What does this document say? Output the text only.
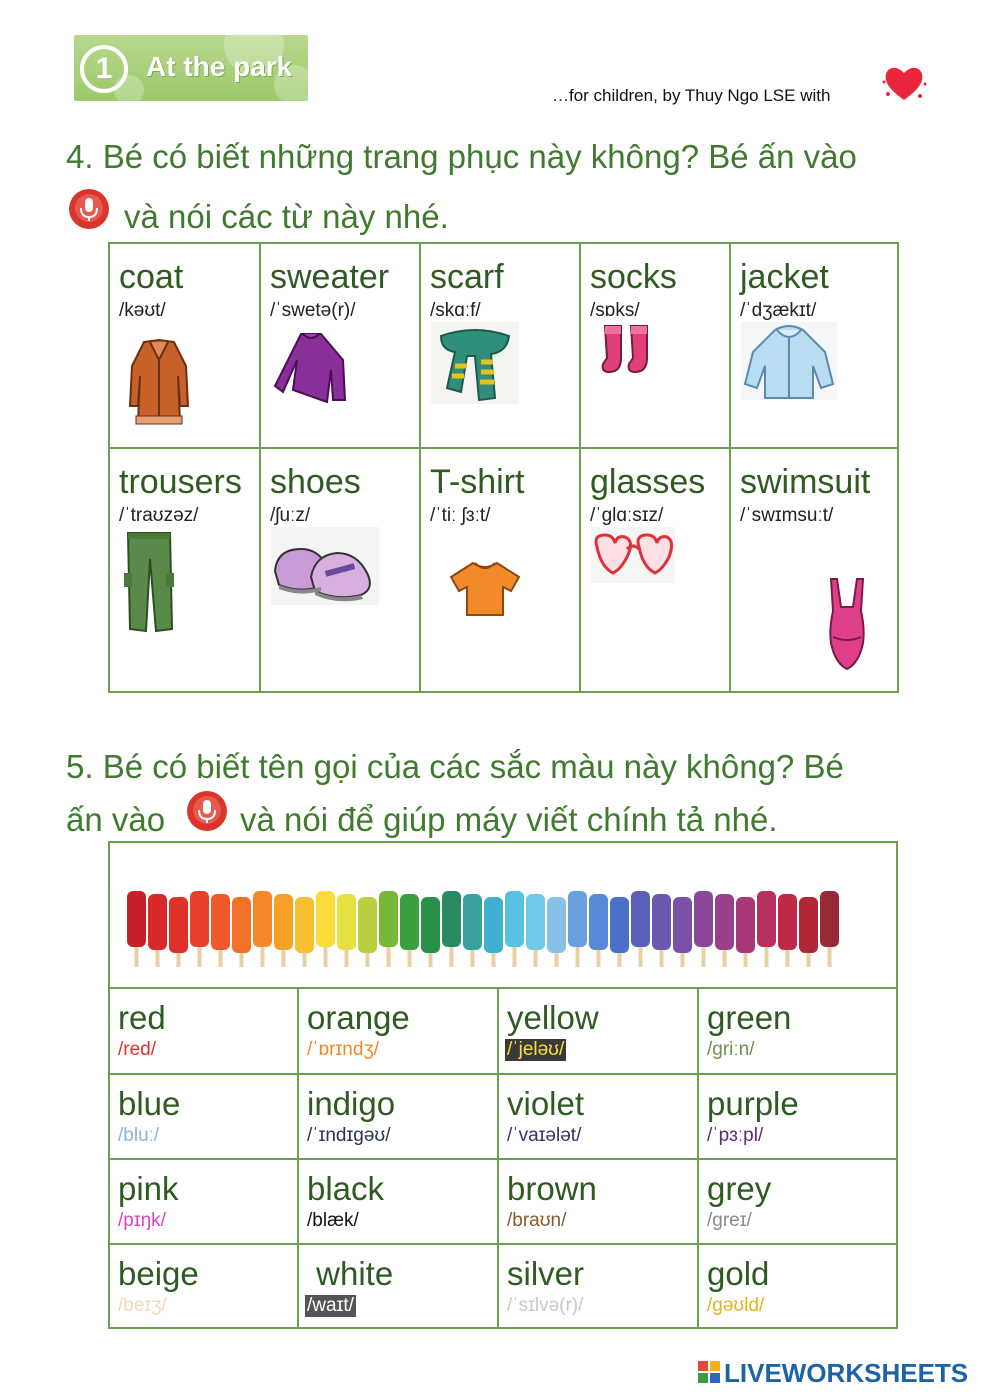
1	At the park
…for children, by Thuy Ngo LSE with
4. Bé có biết những trang phục này không? Bé ấn vào
và nói các từ này nhé.
coat
/kəʊt/
sweater
/ˈswetə(r)/
scarf
/skɑːf/
socks
/sɒks/
jacket
/ˈdʒækɪt/
trousers
/ˈtraʊzəz/
shoes
/ʃuːz/
T-shirt
/ˈtiː ʃɜːt/
glasses
/ˈɡlɑːsɪz/
swimsuit
/ˈswɪmsuːt/
5. Bé có biết tên gọi của các sắc màu này không? Bé
ấn vào và nói để giúp máy viết chính tả nhé.
red
/red/
orange
/ˈɒrɪndʒ/
yellow
/ˈjeləʊ/
green
/ɡriːn/
blue
/bluː/
indigo
/ˈɪndɪɡəʊ/
violet
/ˈvaɪələt/
purple
/ˈpɜːpl/
pink
/pɪŋk/
black
/blæk/
brown
/braʊn/
grey
/ɡreɪ/
beige
/beɪʒ/
white
/waɪt/
silver
/ˈsɪlvə(r)/
gold
/ɡəʊld/
LIVEWORKSHEETS
